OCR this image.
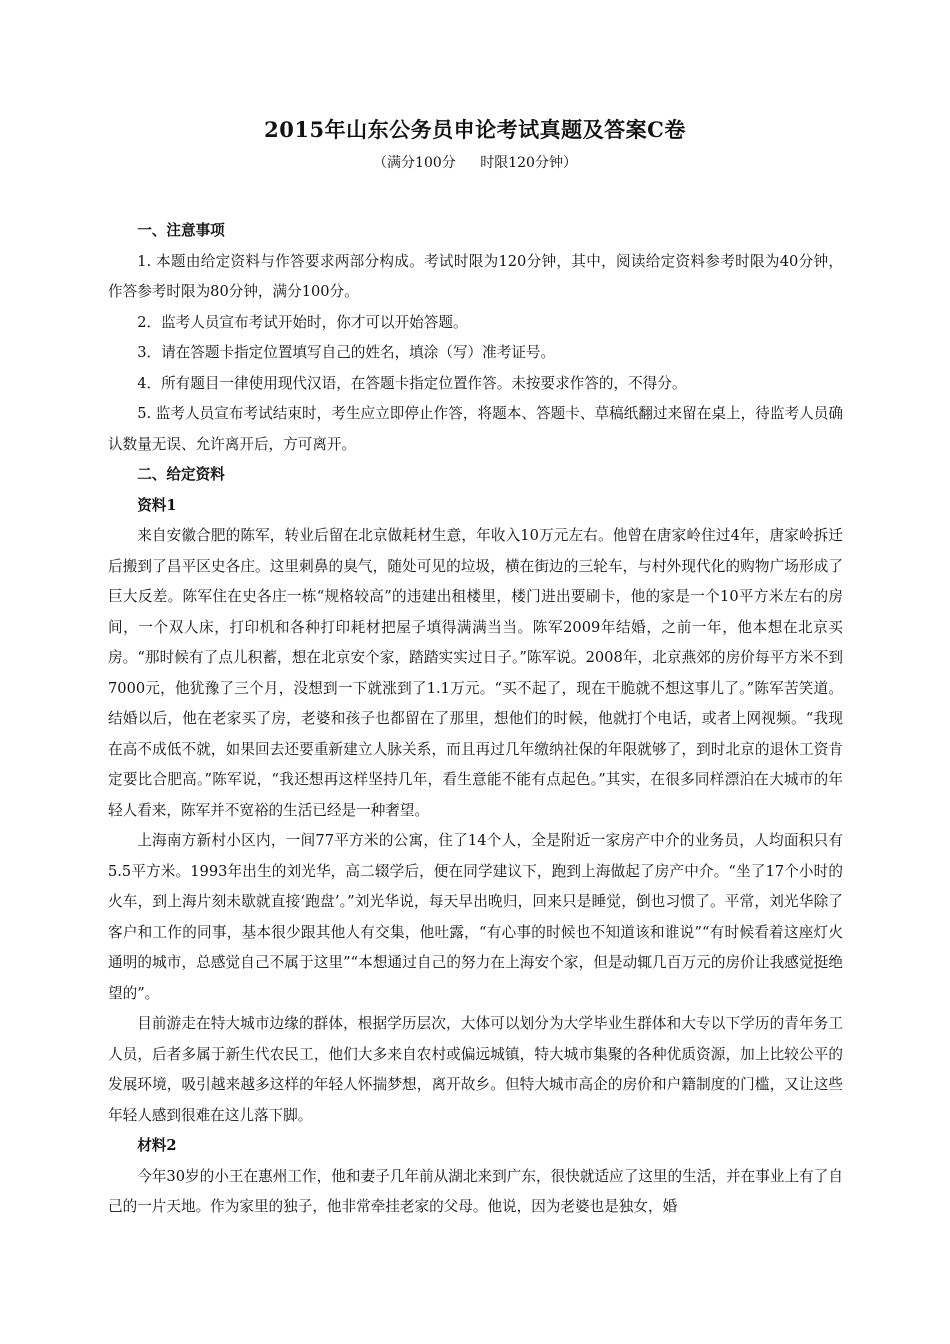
2015年山东公务员申论考试真题及答案C卷
（满分100分 时限120分钟）
一、注意事项

1. 本题由给定资料与作答要求两部分构成。考试时限为120分钟，其中，阅读给定资料参考时限为40分钟，作答参考时限为80分钟，满分100分。

2．监考人员宣布考试开始时，你才可以开始答题。

3．请在答题卡指定位置填写自己的姓名，填涂（写）准考证号。

4．所有题目一律使用现代汉语，在答题卡指定位置作答。未按要求作答的，不得分。

5. 监考人员宣布考试结束时，考生应立即停止作答，将题本、答题卡、草稿纸翻过来留在桌上，待监考人员确认数量无误、允许离开后，方可离开。

二、给定资料
资料1

来自安徽合肥的陈军，转业后留在北京做耗材生意，年收入10万元左右。他曾在唐家岭住过4年，唐家岭拆迁后搬到了昌平区史各庄。这里刺鼻的臭气，随处可见的垃圾，横在街边的三轮车，与村外现代化的购物广场形成了巨大反差。陈军住在史各庄一栋“规格较高”的违建出租楼里，楼门进出要刷卡，他的家是一个10平方米左右的房间，一个双人床，打印机和各种打印耗材把屋子填得满满当当。陈军2009年结婚，之前一年，他本想在北京买房。“那时候有了点儿积蓄，想在北京安个家，踏踏实实过日子。”陈军说。2008年，北京燕郊的房价每平方米不到7000元，他犹豫了三个月，没想到一下就涨到了1.1万元。“买不起了，现在干脆就不想这事儿了。”陈军苦笑道。结婚以后，他在老家买了房，老婆和孩子也都留在了那里，想他们的时候，他就打个电话，或者上网视频。“我现在高不成低不就，如果回去还要重新建立人脉关系，而且再过几年缴纳社保的年限就够了，到时北京的退休工资肯定要比合肥高。”陈军说，“我还想再这样坚持几年，看生意能不能有点起色。”其实，在很多同样漂泊在大城市的年轻人看来，陈军并不宽裕的生活已经是一种奢望。

上海南方新村小区内，一间77平方米的公寓，住了14个人，全是附近一家房产中介的业务员，人均面积只有5.5平方米。1993年出生的刘光华，高二辍学后，便在同学建议下，跑到上海做起了房产中介。“坐了17个小时的火车，到上海片刻未歇就直接‘跑盘’。”刘光华说，每天早出晚归，回来只是睡觉，倒也习惯了。平常，刘光华除了客户和工作的同事，基本很少跟其他人有交集，他吐露，“有心事的时候也不知道该和谁说”“有时候看着这座灯火通明的城市，总感觉自己不属于这里”“本想通过自己的努力在上海安个家，但是动辄几百万元的房价让我感觉挺绝望的”。

目前游走在特大城市边缘的群体，根据学历层次，大体可以划分为大学毕业生群体和大专以下学历的青年务工人员，后者多属于新生代农民工，他们大多来自农村或偏远城镇，特大城市集聚的各种优质资源，加上比较公平的发展环境，吸引越来越多这样的年轻人怀揣梦想，离开故乡。但特大城市高企的房价和户籍制度的门槛，又让这些年轻人感到很难在这儿落下脚。

材料2

今年30岁的小王在惠州工作，他和妻子几年前从湖北来到广东，很快就适应了这里的生活，并在事业上有了自己的一片天地。作为家里的独子，他非常牵挂老家的父母。他说，因为老婆也是独女，婚
